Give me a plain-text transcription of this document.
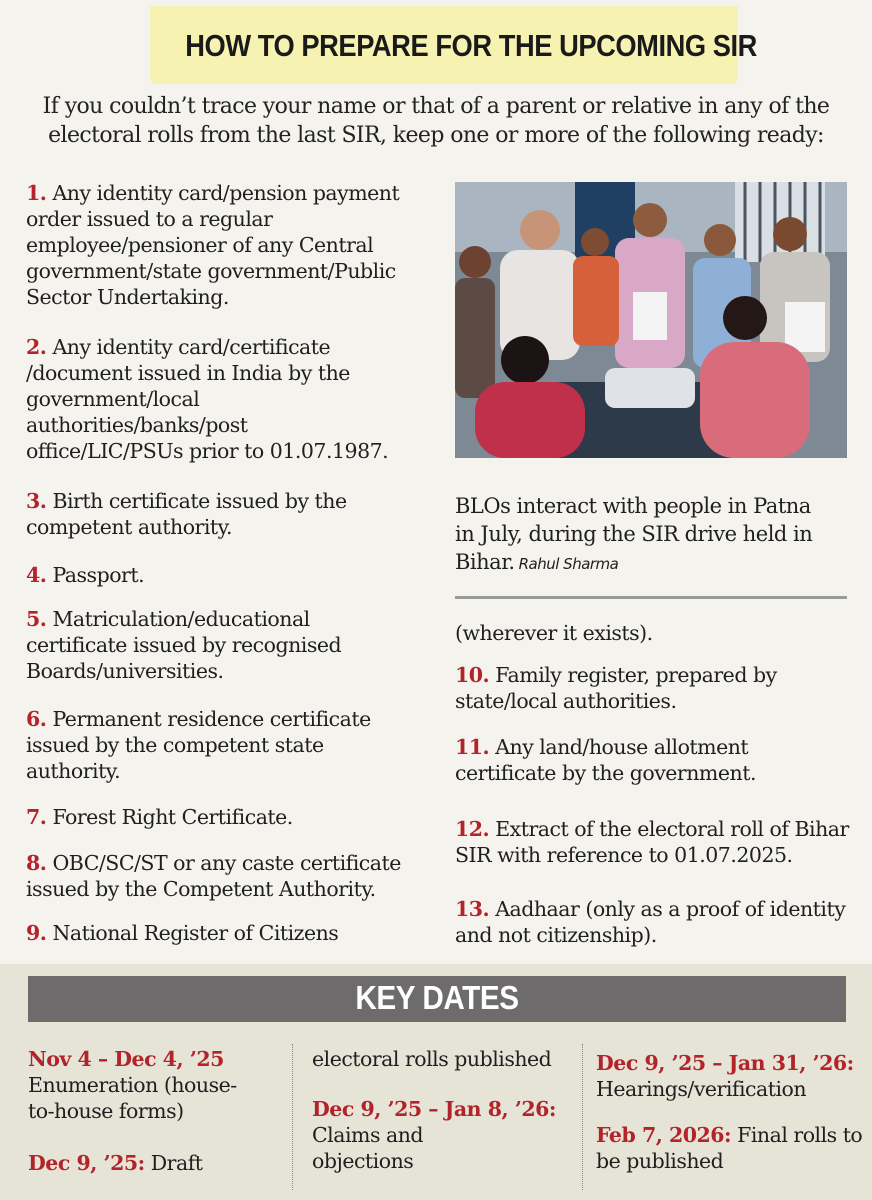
HOW TO PREPARE FOR THE UPCOMING SIR
If you couldn’t trace your name or that of a parent or relative in any of the
electoral rolls from the last SIR, keep one or more of the following ready:
1. Any identity card/pension payment
order issued to a regular
employee/pensioner of any Central
government/state government/Public
Sector Undertaking.
2. Any identity card/certificate
/document issued in India by the
government/local
authorities/banks/post
office/LIC/PSUs prior to 01.07.1987.
3. Birth certificate issued by the
competent authority.
4. Passport.
5. Matriculation/educational
certificate issued by recognised
Boards/universities.
6. Permanent residence certificate
issued by the competent state
authority.
7. Forest Right Certificate.
8. OBC/SC/ST or any caste certificate
issued by the Competent Authority.
9. National Register of Citizens
BLOs interact with people in Patna
in July, during the SIR drive held in
Bihar. Rahul Sharma
(wherever it exists).
10. Family register, prepared by
state/local authorities.
11. Any land/house allotment
certificate by the government.
12. Extract of the electoral roll of Bihar
SIR with reference to 01.07.2025.
13. Aadhaar (only as a proof of identity
and not citizenship).
KEY DATES
Nov 4 – Dec 4, ’25
Enumeration (house-
to-house forms)
Dec 9, ’25: Draft
electoral rolls published
Dec 9, ’25 – Jan 8, ’26:
Claims and
objections
Dec 9, ’25 – Jan 31, ’26:
Hearings/verification
Feb 7, 2026: Final rolls to
be published
